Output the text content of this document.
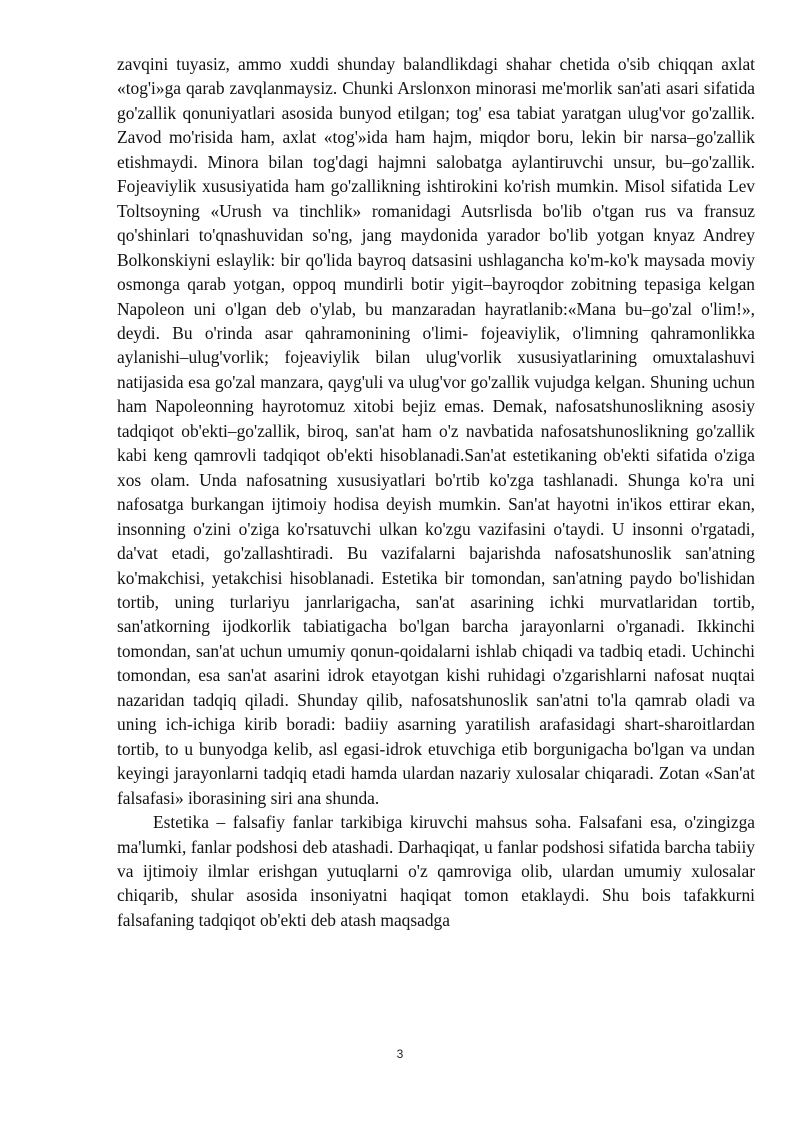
zavqini tuyasiz, ammo xuddi shunday balandlikdagi shahar chetida o'sib chiqqan axlat «tog'i»ga qarab zavqlanmaysiz. Chunki Arslonxon minorasi me'morlik san'ati asari sifatida go'zallik qonuniyatlari asosida bunyod etilgan; tog' esa tabiat yaratgan ulug'vor go'zallik. Zavod mo'risida ham, axlat «tog'»ida ham hajm, miqdor boru, lekin bir narsa–go'zallik etishmaydi. Minora bilan tog'dagi hajmni salobatga aylantiruvchi unsur, bu–go'zallik. Fojeaviylik xususiyatida ham go'zallikning ishtirokini ko'rish mumkin. Misol sifatida Lev Toltsoyning «Urush va tinchlik» romanidagi Autsrlisda bo'lib o'tgan rus va fransuz qo'shinlari to'qnashuvidan so'ng, jang maydonida yarador bo'lib yotgan knyaz Andrey Bolkonskiyni eslaylik: bir qo'lida bayroq datsasini ushlagancha ko'm-ko'k maysada moviy osmonga qarab yotgan, oppoq mundirli botir yigit–bayroqdor zobitning tepasiga kelgan Napoleon uni o'lgan deb o'ylab, bu manzaradan hayratlanib:«Mana bu–go'zal o'lim!», deydi. Bu o'rinda asar qahramonining o'limi- fojeaviylik, o'limning qahramonlikka aylanishi–ulug'vorlik; fojeaviylik bilan ulug'vorlik xususiyatlarining omuxtalashuvi natijasida esa go'zal manzara, qayg'uli va ulug'vor go'zallik vujudga kelgan. Shuning uchun ham Napoleonning hayrotomuz xitobi bejiz emas. Demak, nafosatshunoslikning asosiy tadqiqot ob'ekti–go'zallik, biroq, san'at ham o'z navbatida nafosatshunoslikning go'zallik kabi keng qamrovli tadqiqot ob'ekti hisoblanadi.San'at estetikaning ob'ekti sifatida o'ziga xos olam. Unda nafosatning xususiyatlari bo'rtib ko'zga tashlanadi. Shunga ko'ra uni nafosatga burkangan ijtimoiy hodisa deyish mumkin. San'at hayotni in'ikos ettirar ekan, insonning o'zini o'ziga ko'rsatuvchi ulkan ko'zgu vazifasini o'taydi. U insonni o'rgatadi, da'vat etadi, go'zallashtiradi. Bu vazifalarni bajarishda nafosatshunoslik san'atning ko'makchisi, yetakchisi hisoblanadi. Estetika bir tomondan, san'atning paydo bo'lishidan tortib, uning turlariyu janrlarigacha, san'at asarining ichki murvatlaridan tortib, san'atkorning ijodkorlik tabiatigacha bo'lgan barcha jarayonlarni o'rganadi. Ikkinchi tomondan, san'at uchun umumiy qonun-qoidalarni ishlab chiqadi va tadbiq etadi. Uchinchi tomondan, esa san'at asarini idrok etayotgan kishi ruhidagi o'zgarishlarni nafosat nuqtai nazaridan tadqiq qiladi. Shunday qilib, nafosatshunoslik san'atni to'la qamrab oladi va uning ich-ichiga kirib boradi: badiiy asarning yaratilish arafasidagi shart-sharoitlardan tortib, to u bunyodga kelib, asl egasi-idrok etuvchiga etib borgunigacha bo'lgan va undan keyingi jarayonlarni tadqiq etadi hamda ulardan nazariy xulosalar chiqaradi. Zotan «San'at falsafasi» iborasining siri ana shunda.

Estetika – falsafiy fanlar tarkibiga kiruvchi mahsus soha. Falsafani esa, o'zingizga ma'lumki, fanlar podshosi deb atashadi. Darhaqiqat, u fanlar podshosi sifatida barcha tabiiy va ijtimoiy ilmlar erishgan yutuqlarni o'z qamroviga olib, ulardan umumiy xulosalar chiqarib, shular asosida insoniyatni haqiqat tomon etaklaydi. Shu bois tafakkurni falsafaning tadqiqot ob'ekti deb atash maqsadga

3
